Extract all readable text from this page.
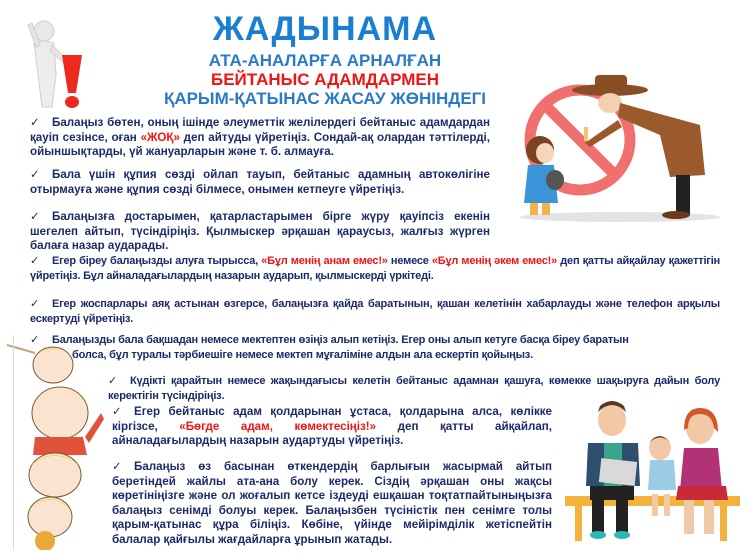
ЖАДЫНАМА
АТА-АНАЛАРҒА АРНАЛҒАН
БЕЙТАНЫС АДАМДАРМЕН
ҚАРЫМ-ҚАТЫНАС ЖАСАУ ЖӨНІНДЕГІ
✓ Балаңыз бөтен, оның ішінде әлеуметтік желілердегі бейтаныс адамдардан қауіп сезінсе, оған «ЖОҚ» деп айтуды үйретіңіз. Сондай-ақ олардан тәттілерді, ойыншықтарды, үй жануарларын және т. б. алмауға.
✓ Бала үшін құпия сөзді ойлап тауып, бейтаныс адамның автокөлігіне отырмауға және құпия сөзді білмесе, онымен кетпеуге үйретіңіз.
✓ Балаңызға достарымен, қатарластарымен бірге жүру қауіпсіз екенін шегелеп айтып, түсіндіріңіз. Қылмыскер әрқашан қараусыз, жалғыз жүрген балаға назар аударады.
✓ Егер біреу балаңызды алуға тырысса, «Бұл менің анам емес!» немесе «Бұл менің әкем емес!» деп қатты айқайлау қажеттігін үйретіңіз. Бұл айналадағылардың назарын аударып, қылмыскерді үркітеді.
✓ Егер жоспарлары аяқ астынан өзгерсе, балаңызға қайда баратынын, қашан келетінін хабарлауды және телефон арқылы ескертуді үйретіңіз.
✓ Балаңызды бала бақшадан немесе мектептен өзіңіз алып кетіңіз. Егер оны алып кетуге басқа біреу баратын
болса, бұл туралы тәрбиешіге немесе мектеп мұғаліміне алдын ала ескертіп қойыңыз.
✓ Күдікті қарайтын немесе жақындағысы келетін бейтаныс адамнан қашуға, көмекке шақыруға дайын болу керектігін түсіндіріңіз.
✓ Егер бейтаныс адам қолдарынан ұстаса, қолдарына алса, көлікке кіргізсе, «Бөгде адам, көмектесіңіз!» деп қатты айқайлап, айналадағылардың назарын аудартуды үйретіңіз.
✓ Балаңыз өз басынан өткендердің барлығын жасырмай айтып беретіндей жайлы ата-ана болу керек. Сіздің әрқашан оны жақсы көретініңізге және ол жоғалып кетсе іздеуді ешқашан тоқтатпайтыныңызға балаңыз сенімді болуы керек. Балаңызбен түсіністік пен сенімге толы қарым-қатынас құра біліңіз. Көбіне, үйінде мейірімділік жетіспейтін балалар қайғылы жағдайларға ұрынып жатады.
